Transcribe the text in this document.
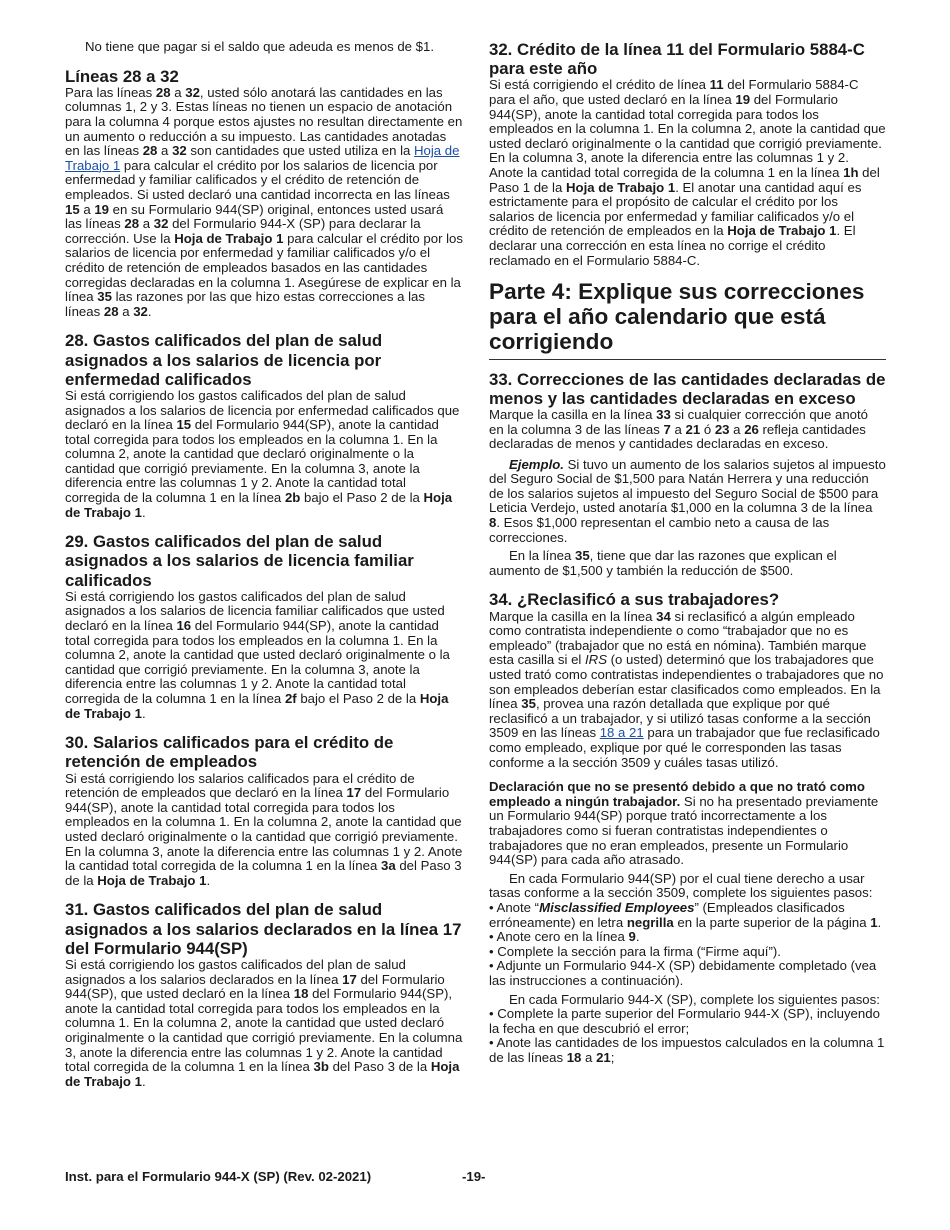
No tiene que pagar si el saldo que adeuda es menos de $1.

Líneas 28 a 32

Para las líneas 28 a 32, usted sólo anotará las cantidades en las columnas 1, 2 y 3. Estas líneas no tienen un espacio de anotación para la columna 4 porque estos ajustes no resultan directamente en un aumento o reducción a su impuesto. Las cantidades anotadas en las líneas 28 a 32 son cantidades que usted utiliza en la Hoja de Trabajo 1 para calcular el crédito por los salarios de licencia por enfermedad y familiar calificados y el crédito de retención de empleados. Si usted declaró una cantidad incorrecta en las líneas 15 a 19 en su Formulario 944(SP) original, entonces usted usará las líneas 28 a 32 del Formulario 944-X (SP) para declarar la corrección. Use la Hoja de Trabajo 1 para calcular el crédito por los salarios de licencia por enfermedad y familiar calificados y/o el crédito de retención de empleados basados en las cantidades corregidas declaradas en la columna 1. Asegúrese de explicar en la línea 35 las razones por las que hizo estas correcciones a las líneas 28 a 32.

28. Gastos calificados del plan de salud asignados a los salarios de licencia por enfermedad calificados

Si está corrigiendo los gastos calificados del plan de salud asignados a los salarios de licencia por enfermedad calificados que declaró en la línea 15 del Formulario 944(SP), anote la cantidad total corregida para todos los empleados en la columna 1. En la columna 2, anote la cantidad que declaró originalmente o la cantidad que corrigió previamente. En la columna 3, anote la diferencia entre las columnas 1 y 2. Anote la cantidad total corregida de la columna 1 en la línea 2b bajo el Paso 2 de la Hoja de Trabajo 1.

29. Gastos calificados del plan de salud asignados a los salarios de licencia familiar calificados

Si está corrigiendo los gastos calificados del plan de salud asignados a los salarios de licencia familiar calificados que usted declaró en la línea 16 del Formulario 944(SP), anote la cantidad total corregida para todos los empleados en la columna 1. En la columna 2, anote la cantidad que usted declaró originalmente o la cantidad que corrigió previamente. En la columna 3, anote la diferencia entre las columnas 1 y 2. Anote la cantidad total corregida de la columna 1 en la línea 2f bajo el Paso 2 de la Hoja de Trabajo 1.

30. Salarios calificados para el crédito de retención de empleados

Si está corrigiendo los salarios calificados para el crédito de retención de empleados que declaró en la línea 17 del Formulario 944(SP), anote la cantidad total corregida para todos los empleados en la columna 1. En la columna 2, anote la cantidad que usted declaró originalmente o la cantidad que corrigió previamente. En la columna 3, anote la diferencia entre las columnas 1 y 2. Anote la cantidad total corregida de la columna 1 en la línea 3a del Paso 3 de la Hoja de Trabajo 1.

31. Gastos calificados del plan de salud asignados a los salarios declarados en la línea 17 del Formulario 944(SP)

Si está corrigiendo los gastos calificados del plan de salud asignados a los salarios declarados en la línea 17 del Formulario 944(SP), que usted declaró en la línea 18 del Formulario 944(SP), anote la cantidad total corregida para todos los empleados en la columna 1. En la columna 2, anote la cantidad que usted declaró originalmente o la cantidad que corrigió previamente. En la columna 3, anote la diferencia entre las columnas 1 y 2. Anote la cantidad total corregida de la columna 1 en la línea 3b del Paso 3 de la Hoja de Trabajo 1.

32. Crédito de la línea 11 del Formulario 5884-C para este año

Si está corrigiendo el crédito de línea 11 del Formulario 5884-C para el año, que usted declaró en la línea 19 del Formulario 944(SP), anote la cantidad total corregida para todos los empleados en la columna 1. En la columna 2, anote la cantidad que usted declaró originalmente o la cantidad que corrigió previamente. En la columna 3, anote la diferencia entre las columnas 1 y 2. Anote la cantidad total corregida de la columna 1 en la línea 1h del Paso 1 de la Hoja de Trabajo 1. El anotar una cantidad aquí es estrictamente para el propósito de calcular el crédito por los salarios de licencia por enfermedad y familiar calificados y/o el crédito de retención de empleados en la Hoja de Trabajo 1. El declarar una corrección en esta línea no corrige el crédito reclamado en el Formulario 5884-C.

Parte 4: Explique sus correcciones para el año calendario que está corrigiendo

33. Correcciones de las cantidades declaradas de menos y las cantidades declaradas en exceso

Marque la casilla en la línea 33 si cualquier corrección que anotó en la columna 3 de las líneas 7 a 21 ó 23 a 26 refleja cantidades declaradas de menos y cantidades declaradas en exceso.

Ejemplo. Si tuvo un aumento de los salarios sujetos al impuesto del Seguro Social de $1,500 para Natán Herrera y una reducción de los salarios sujetos al impuesto del Seguro Social de $500 para Leticia Verdejo, usted anotaría $1,000 en la columna 3 de la línea 8. Esos $1,000 representan el cambio neto a causa de las correcciones.

En la línea 35, tiene que dar las razones que explican el aumento de $1,500 y también la reducción de $500.

34. ¿Reclasificó a sus trabajadores?

Marque la casilla en la línea 34 si reclasificó a algún empleado como contratista independiente o como “trabajador que no es empleado” (trabajador que no está en nómina). También marque esta casilla si el IRS (o usted) determinó que los trabajadores que usted trató como contratistas independientes o trabajadores que no son empleados deberían estar clasificados como empleados. En la línea 35, provea una razón detallada que explique por qué reclasificó a un trabajador, y si utilizó tasas conforme a la sección 3509 en las líneas 18 a 21 para un trabajador que fue reclasificado como empleado, explique por qué le corresponden las tasas conforme a la sección 3509 y cuáles tasas utilizó.

Declaración que no se presentó debido a que no trató como empleado a ningún trabajador. Si no ha presentado previamente un Formulario 944(SP) porque trató incorrectamente a los trabajadores como si fueran contratistas independientes o trabajadores que no eran empleados, presente un Formulario 944(SP) para cada año atrasado.

En cada Formulario 944(SP) por el cual tiene derecho a usar tasas conforme a la sección 3509, complete los siguientes pasos:

• Anote “Misclassified Employees” (Empleados clasificados erróneamente) en letra negrilla en la parte superior de la página 1.

• Anote cero en la línea 9.

• Complete la sección para la firma (“Firme aquí”).

• Adjunte un Formulario 944-X (SP) debidamente completado (vea las instrucciones a continuación).

En cada Formulario 944-X (SP), complete los siguientes pasos:

• Complete la parte superior del Formulario 944-X (SP), incluyendo la fecha en que descubrió el error;

• Anote las cantidades de los impuestos calculados en la columna 1 de las líneas 18 a 21;

Inst. para el Formulario 944-X (SP) (Rev. 02-2021)	-19-
